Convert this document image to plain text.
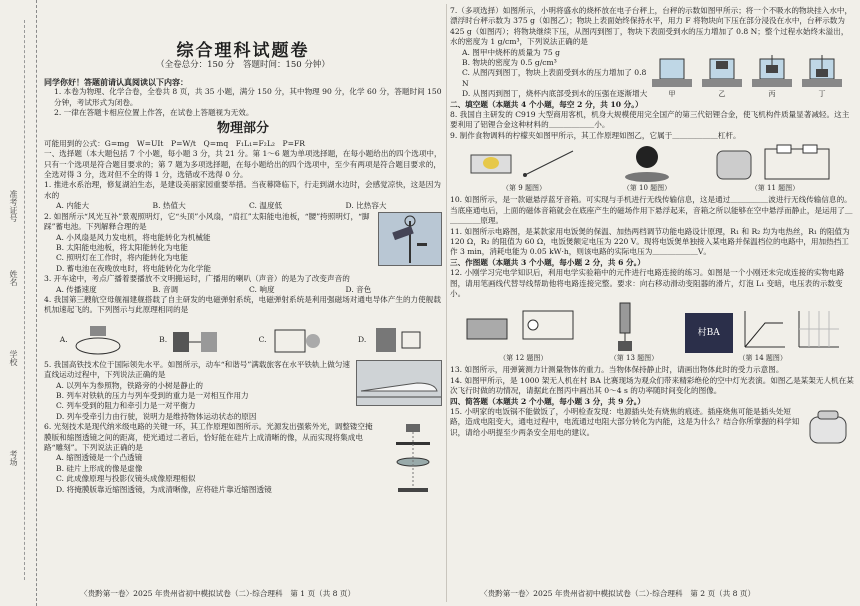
准考证号
姓名
学校
考场
综合理科试题卷
（全卷总分：150 分　答题时间：150 分钟）
同学你好！答题前请认真阅读以下内容：
1. 本卷为物理、化学合卷，全卷共 8 页，共 35 小题，满分 150 分，其中物理 90 分，化学 60 分，答题时间 150 分钟，考试形式为闭卷。
2. 一律在答题卡相应位置上作答，在试卷上答题视为无效。
物理部分
可能用到的公式：G=mg　W=UIt　P=W/t　Q=mq　F₁L₁=F₂L₂　P=FR
一、选择题（本大题包括 7 个小题，每小题 3 分，共 21 分。第 1～6 题为单项选择题，在每小题给出的四个选项中，只有一个选项是符合题目要求的；第 7 题为多项选择题，在每小题给出的四个选项中，至少有两项是符合题目要求的，全选对得 3 分，选对但不全的得 1 分，选错或不选得 0 分。
1. 推进水系治理，修复湖泊生态，是建设美丽家园重要举措。当夜幕降临下，行走到湖水边时，会感觉凉快，这是因为水的
A. 内能大	B. 热值大	C. 温度低	D. 比热容大
2. 如图所示“风光互补”景观照明灯，它“头顶”小风扇，“肩扛”太阳能电池板，“腰”挎照明灯，“脚踩”蓄电池。下列解释合理的是
A. 小风扇是风力发电机，将电能转化为机械能
B. 太阳能电池板，将太阳能转化为电能
C. 照明灯在工作时，将内能转化为电能
D. 蓄电池在夜晚放电时，将电能转化为化学能
3. 开车途中，考点广播着要播放不文明搬运时，广播用的喇叭（声音）的是为了改变声音的
A. 传播速度	B. 音调	C. 响度	D. 音色
4. 我国第三艘航空母舰福建舰搭载了自主研发的电磁弹射系统，电磁弹射系统是利用强磁场对通电导体产生的力使舰载机加速起飞的。下列图示与此原理相同的是
A.	B.	C.	D.
5. 我国高铁技术位于国际领先水平。如图所示，动车“和谐号”满载旅客在水平铁轨上做匀速直线运动过程中，下列说法正确的是
A. 以列车为参照物，铁路旁的小树是静止的
B. 列车对铁轨的压力与列车受到的重力是一对相互作用力
C. 列车受到的阻力和牵引力是一对平衡力
D. 列车受牵引力由行驶，说明力是维持物体运动状态的原因
6. 光刻技术是现代纳米级电路的关键一环，其工作原理如图所示。光源发出强紫外光，调整镂空掩膜版和缩图透镜之间的距离，使光通过二者后，恰好能在硅片上成清晰的像，从而实现将集成电路“雕刻”。下列说法正确的是
A. 缩图透镜是一个凸透镜
B. 硅片上形成的像是虚像
C. 此成像原理与投影仪镜头成像原理相似
D. 将掩膜版靠近缩图透镜，为成清晰像，应将硅片靠近缩图透镜
7.（多项选择）如图所示，小明将盛水的烧杯放在电子台秤上，台秤的示数如图甲所示；将一个不吸水的物块挂入水中，漂浮时台秤示数为 375 g（如图乙）；物块上表面始终保持水平，用力 F 将物块向下压在部分浸没在水中，台秤示数为 425 g（如图丙）；将物块继续下压，从图丙到图丁，物块下表面受到水的压力增加了 0.8 N；整个过程水始终未溢出，水的密度为 1 g/cm³，下列说法正确的是
A. 图甲中烧杯的质量为 75 g
B. 物块的密度为 0.5 g/cm³
C. 从图丙到图丁，物块上表面受到水的压力增加了 0.8 N
D. 从图丙到图丁，烧杯内底部受到水的压强在逐渐增大	甲	乙	丙	丁
二、填空题（本题共 4 个小题，每空 2 分，共 10 分。）
8. 我国自主研发的 C919 大型商用客机，机身大规模使用完全国产的第三代铝锂合金，使飞机构件质量显著减轻。这主要利用了铝锂合金这种材料的＿＿＿＿＿＿小。
9. 制作食物调料的柠檬夹如图甲所示，其工作原理如图乙，它属于＿＿＿＿＿＿杠杆。
（第 9 题图）	（第 10 题图）	（第 11 题图）
10. 如图所示，是一款磁悬浮蓝牙音箱。可实现与手机进行无线传输信息，这是通过＿＿＿＿＿波进行无线传输信息的。当底座通电后，上面的磁体音箱就会在底座产生的磁场作用下悬浮起来，音箱之所以能够在空中悬浮而静止，是运用了＿＿＿＿＿原理。
11. 如图所示电路图，是某款家用电饭煲的保温、加热两档调节功能电路设计原理，R₁ 和 R₂ 均为电热丝，R₁ 的阻值为 120 Ω，R₂ 的阻值为 60 Ω，电饭煲额定电压为 220 V。现将电饭煲单独接入某电路并保温档位的电路中，用加热挡工作 3 min，消耗电能为 0.05 kW·h，则该电路的实际电压为＿＿＿＿＿＿V。
三、作图题（本题共 3 个小题，每小题 2 分，共 6 分。）
12. 小刚学习完电学知识后，利用电学实验箱中的元件进行电路连接的练习。如图是一个小刚还未完成连接的实物电路图，请用笔画线代替导线帮助他将电路连接完整。要求：向右移动滑动变阻器的滑片，灯泡 L₁ 变暗，电压表的示数变小。
（第 12 题图）	（第 13 题图）
村BA
（第 14 题图）
13. 如图所示，用弹簧测力计测量物体的重力。当物体保持静止时，请画出物体此时的受力示意图。
14. 如图甲所示，是 1000 架无人机在村 BA 比赛现场为观众们带来精彩绝伦的空中灯光表演。如图乙是某架无人机在某次飞行时做的功情况，请据此在图丙中画出其 0～4 s 的功率随时间变化的图像。
四、简答题（本题共 2 个小题，每小题 3 分，共 9 分。）
15. 小明家的电饭锅不能做饭了，小明检查发现：电源插头处有烧焦的痕迹。插座烧焦可能是插头处短路，造成电阻变大，通电过程中，电流通过电阻大部分转化为内能，这是为什么？结合你所掌握的科学知识，请给小明提至少两条安全用电的建议。
〈贵黔第一卷〉2025 年贵州省初中模拟试卷（二）·综合理科　第 1 页（共 8 页）	〈贵黔第一卷〉2025 年贵州省初中模拟试卷（二）·综合理科　第 2 页（共 8 页）
